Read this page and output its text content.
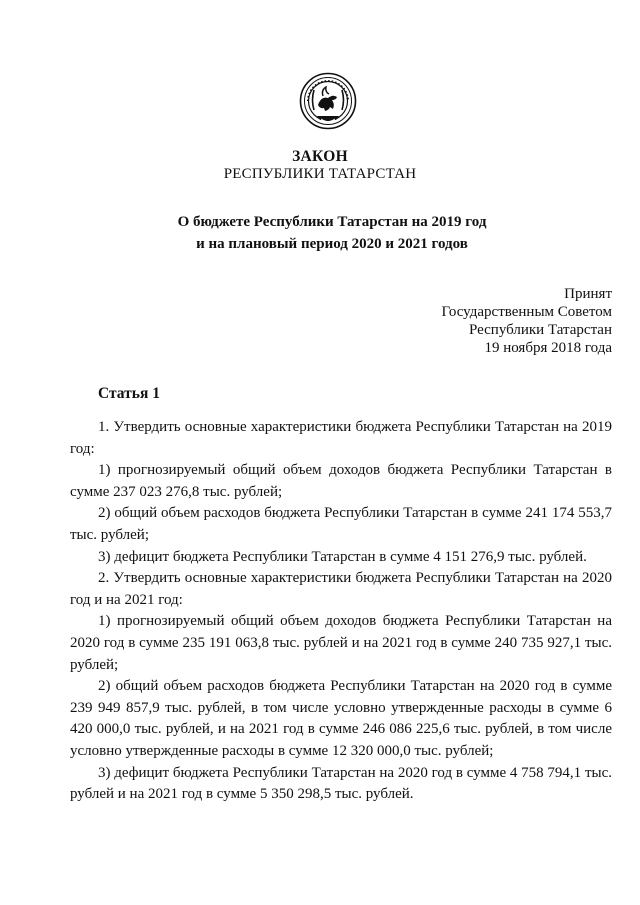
ЗАКОН
РЕСПУБЛИКИ ТАТАРСТАН
О бюджете Республики Татарстан на 2019 год
и на плановый период 2020 и 2021 годов
Принят
Государственным Советом
Республики Татарстан
19 ноября 2018 года
Статья 1

1. Утвердить основные характеристики бюджета Республики Татарстан на 2019 год:

1) прогнозируемый общий объем доходов бюджета Республики Татарстан в сумме 237 023 276,8 тыс. рублей;

2) общий объем расходов бюджета Республики Татарстан в сумме 241 174 553,7 тыс. рублей;

3) дефицит бюджета Республики Татарстан в сумме 4 151 276,9 тыс. рублей.

2. Утвердить основные характеристики бюджета Республики Татарстан на 2020 год и на 2021 год:

1) прогнозируемый общий объем доходов бюджета Республики Татарстан на 2020 год в сумме 235 191 063,8 тыс. рублей и на 2021 год в сумме 240 735 927,1 тыс. рублей;

2) общий объем расходов бюджета Республики Татарстан на 2020 год в сумме 239 949 857,9 тыс. рублей, в том числе условно утвержденные расходы в сумме 6 420 000,0 тыс. рублей, и на 2021 год в сумме 246 086 225,6 тыс. рублей, в том числе условно утвержденные расходы в сумме 12 320 000,0 тыс. рублей;

3) дефицит бюджета Республики Татарстан на 2020 год в сумме 4 758 794,1 тыс. рублей и на 2021 год в сумме 5 350 298,5 тыс. рублей.
